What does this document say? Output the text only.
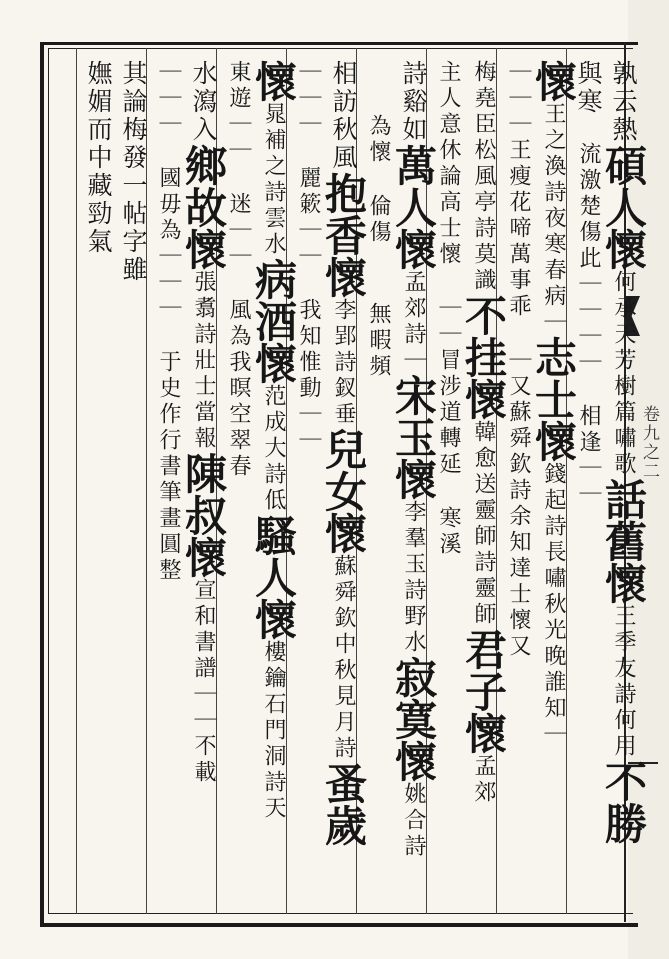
卷九之二
孰云熱碩人懷何承天芳樹篇嘯歌話舊懷王季友詩何用不勝
與寒　流激楚傷此｜｜｜｜　相逢｜｜
懷王之渙詩夜寒春病｜志士懷錢起詩長嘯秋光晚誰知｜
｜｜｜王瘦花啼萬事乖　｜又蘇舜欽詩余知達士懷又
梅堯臣松風亭詩莫識不挂懷韓愈送靈師詩靈師君子懷孟郊
主人意休論高士懷　｜｜冒涉道轉延　寒溪
詩谿如萬人懷孟郊詩｜宋玉懷李羣玉詩野水寂寞懷姚合詩
　　為懷　倫傷　　無暇頻
相訪秋風抱香懷李郢詩釵垂兒女懷蘇舜欽中秋見月詩蚤歲
｜｜｜　麗簌｜｜　我知惟動｜｜
懷晁補之詩雲水病酒懷范成大詩低騷人懷樓鑰石門洞詩天
東遊｜｜　迷｜｜　風為我暝空翠春
水瀉入鄉故懷張翥詩壯士當報陳叔懷宣和書譜｜｜不載
｜｜｜　國毋為｜｜｜　于史作行書筆畫圓整
其論梅發一帖字雖
嫵媚而中藏勁氣
